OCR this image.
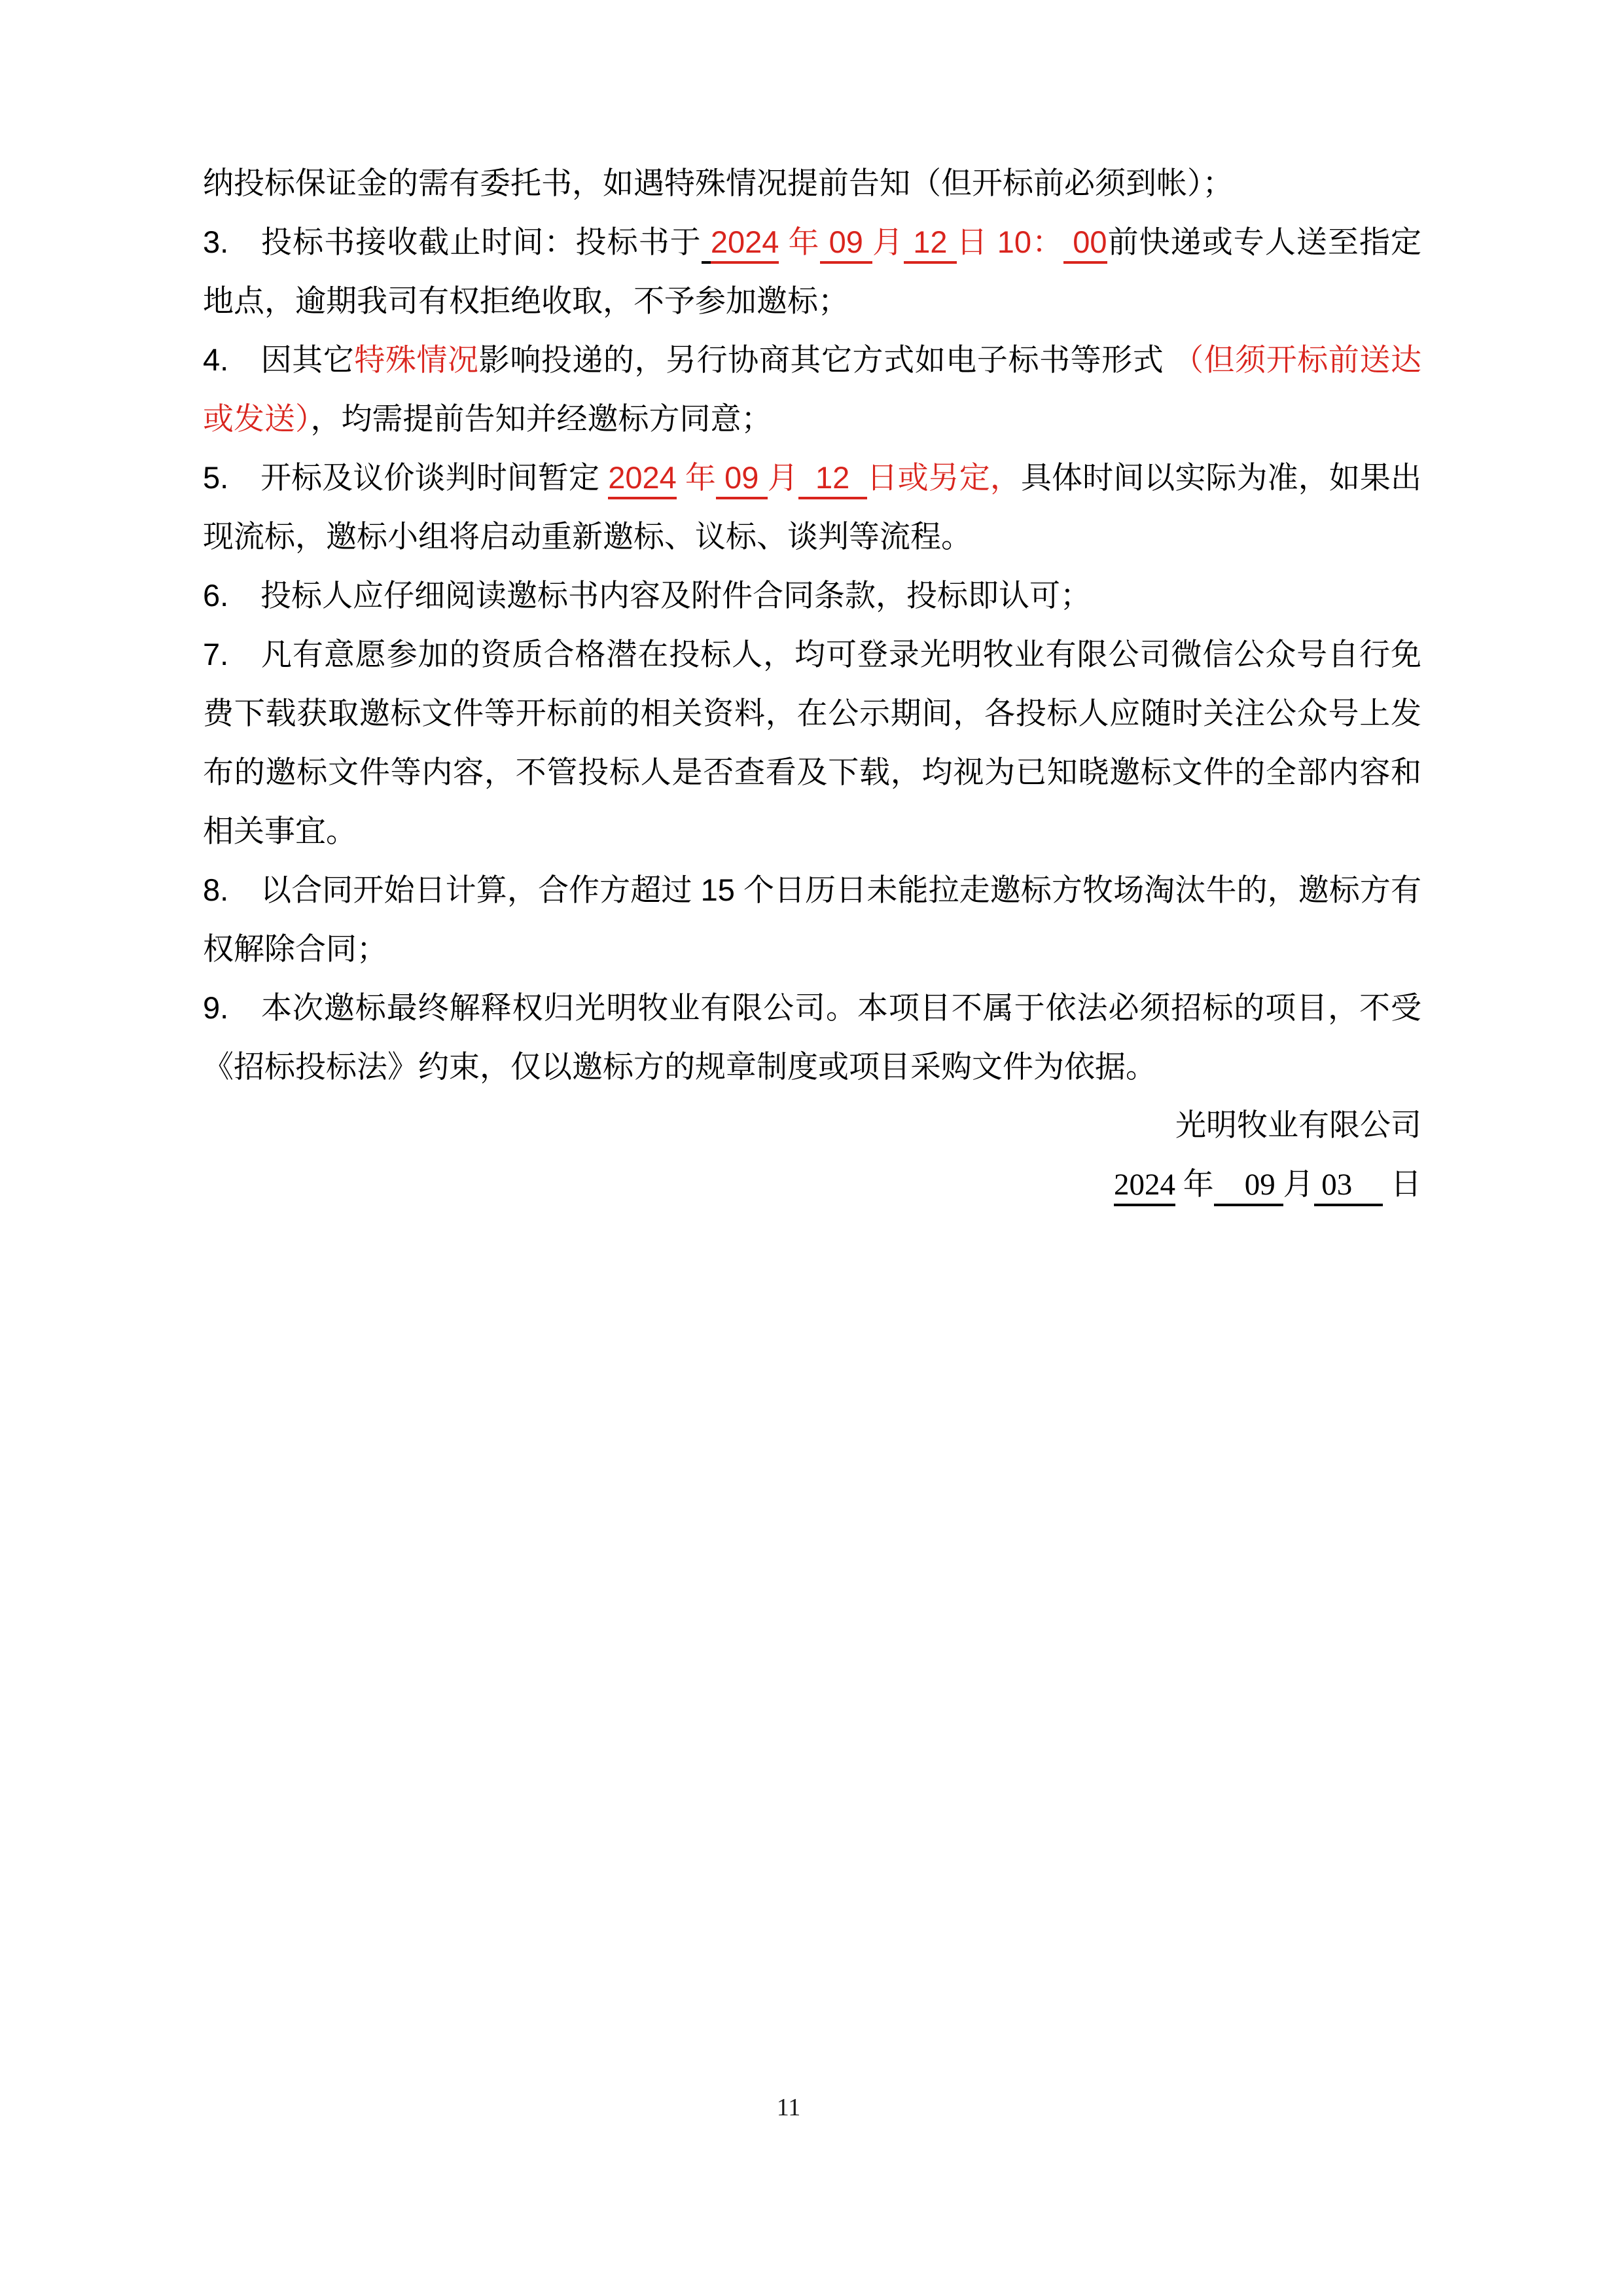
纳投标保证金的需有委托书，如遇特殊情况提前告知（但开标前必须到帐）；

3. 投标书接收截止时间：投标书于 2024 年 09 月 12 日 10： 00前快递或专人送至指定地点，逾期我司有权拒绝收取，不予参加邀标；

4. 因其它特殊情况影响投递的，另行协商其它方式如电子标书等形式 （但须开标前送达或发送），均需提前告知并经邀标方同意；

5. 开标及议价谈判时间暂定 2024 年 09 月  12  日或另定，具体时间以实际为准，如果出现流标，邀标小组将启动重新邀标、议标、谈判等流程。

6. 投标人应仔细阅读邀标书内容及附件合同条款，投标即认可；

7. 凡有意愿参加的资质合格潜在投标人，均可登录光明牧业有限公司微信公众号自行免费下载获取邀标文件等开标前的相关资料，在公示期间，各投标人应随时关注公众号上发布的邀标文件等内容，不管投标人是否查看及下载，均视为已知晓邀标文件的全部内容和相关事宜。

8. 以合同开始日计算，合作方超过 15 个日历日未能拉走邀标方牧场淘汰牛的，邀标方有权解除合同；

9. 本次邀标最终解释权归光明牧业有限公司。本项目不属于依法必须招标的项目，不受《招标投标法》约束，仅以邀标方的规章制度或项目采购文件为依据。

光明牧业有限公司

2024 年    09 月 03     日

11
